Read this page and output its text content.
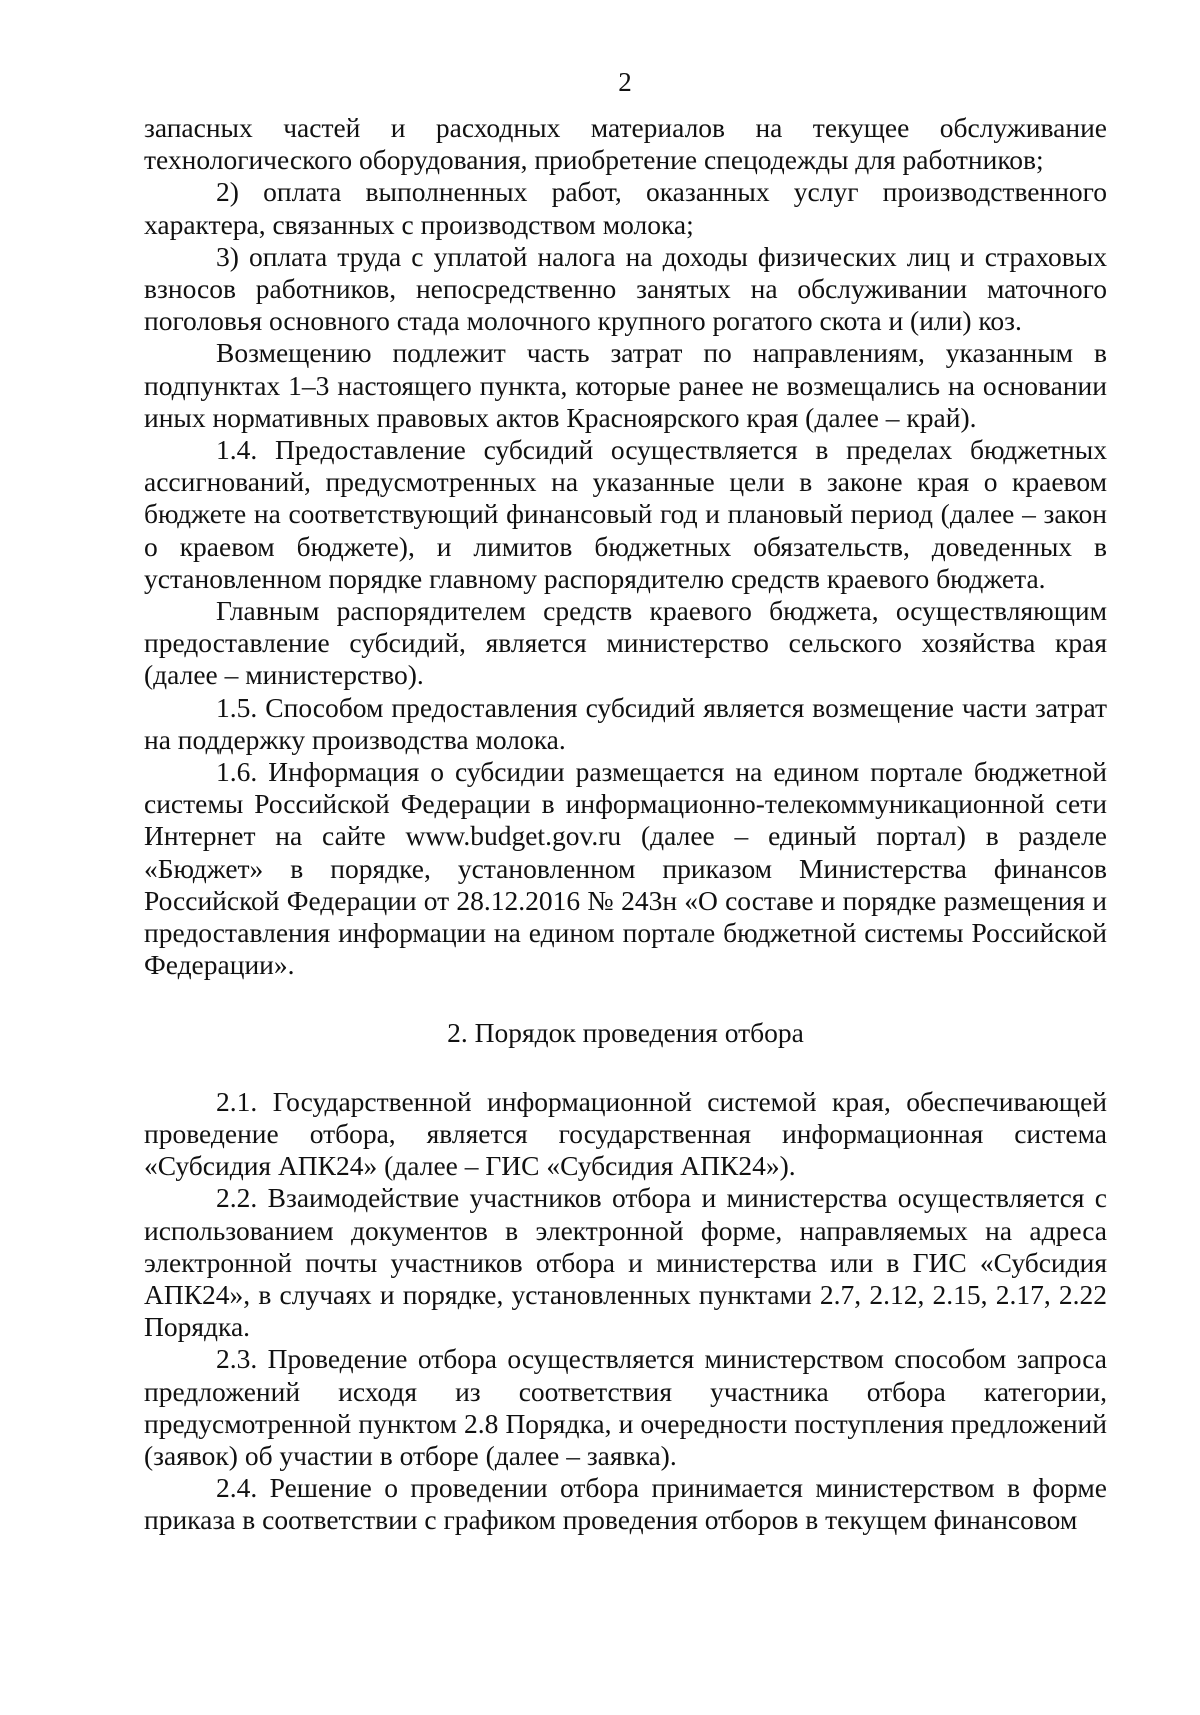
2

запасных частей и расходных материалов на текущее обслуживание технологического оборудования, приобретение спецодежды для работников;

2) оплата выполненных работ, оказанных услуг производственного характера, связанных с производством молока;

3) оплата труда с уплатой налога на доходы физических лиц и страховых взносов работников, непосредственно занятых на обслуживании маточного поголовья основного стада молочного крупного рогатого скота и (или) коз.

Возмещению подлежит часть затрат по направлениям, указанным в подпунктах 1–3 настоящего пункта, которые ранее не возмещались на основании иных нормативных правовых актов Красноярского края (далее – край).

1.4. Предоставление субсидий осуществляется в пределах бюджетных ассигнований, предусмотренных на указанные цели в законе края о краевом бюджете на соответствующий финансовый год и плановый период (далее – закон о краевом бюджете), и лимитов бюджетных обязательств, доведенных в установленном порядке главному распорядителю средств краевого бюджета.

Главным распорядителем средств краевого бюджета, осуществляющим предоставление субсидий, является министерство сельского хозяйства края (далее – министерство).

1.5. Способом предоставления субсидий является возмещение части затрат на поддержку производства молока.

1.6. Информация о субсидии размещается на едином портале бюджетной системы Российской Федерации в информационно-телекоммуникационной сети Интернет на сайте www.budget.gov.ru (далее – единый портал) в разделе «Бюджет» в порядке, установленном приказом Министерства финансов Российской Федерации от 28.12.2016 № 243н «О составе и порядке размещения и предоставления информации на едином портале бюджетной системы Российской Федерации».

2. Порядок проведения отбора

2.1. Государственной информационной системой края, обеспечивающей проведение отбора, является государственная информационная система «Субсидия АПК24» (далее – ГИС «Субсидия АПК24»).

2.2. Взаимодействие участников отбора и министерства осуществляется с использованием документов в электронной форме, направляемых на адреса электронной почты участников отбора и министерства или в ГИС «Субсидия АПК24», в случаях и порядке, установленных пунктами 2.7, 2.12, 2.15, 2.17, 2.22 Порядка.

2.3. Проведение отбора осуществляется министерством способом запроса предложений исходя из соответствия участника отбора категории, предусмотренной пунктом 2.8 Порядка, и очередности поступления предложений (заявок) об участии в отборе (далее – заявка).

2.4. Решение о проведении отбора принимается министерством в форме приказа в соответствии с графиком проведения отборов в текущем финансовом
